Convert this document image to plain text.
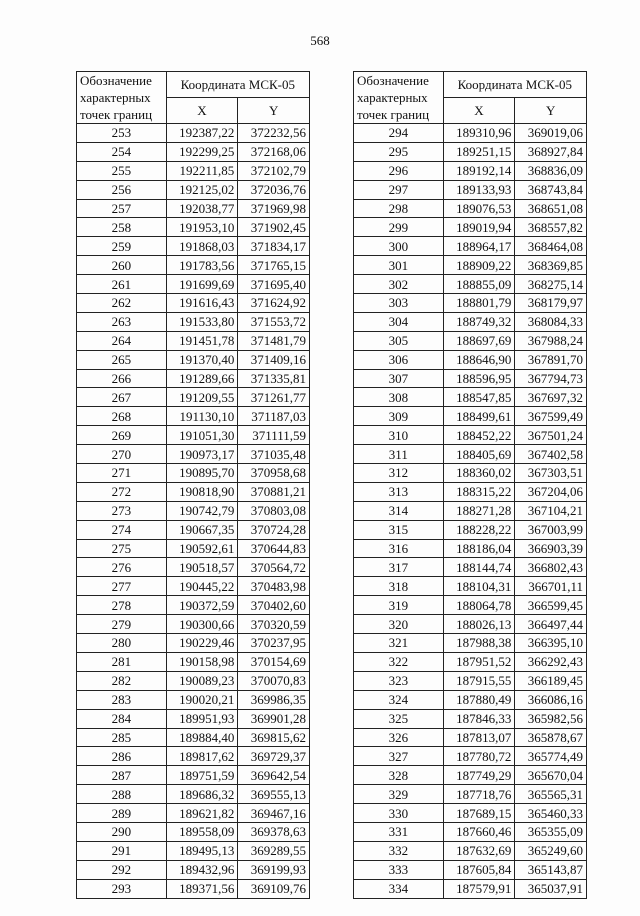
568
Обозначение характерных точек границ	Координата МСК-05	
	X	Y
253	192387,22	372232,56
254	192299,25	372168,06
255	192211,85	372102,79
256	192125,02	372036,76
257	192038,77	371969,98
258	191953,10	371902,45
259	191868,03	371834,17
260	191783,56	371765,15
261	191699,69	371695,40
262	191616,43	371624,92
263	191533,80	371553,72
264	191451,78	371481,79
265	191370,40	371409,16
266	191289,66	371335,81
267	191209,55	371261,77
268	191130,10	371187,03
269	191051,30	371111,59
270	190973,17	371035,48
271	190895,70	370958,68
272	190818,90	370881,21
273	190742,79	370803,08
274	190667,35	370724,28
275	190592,61	370644,83
276	190518,57	370564,72
277	190445,22	370483,98
278	190372,59	370402,60
279	190300,66	370320,59
280	190229,46	370237,95
281	190158,98	370154,69
282	190089,23	370070,83
283	190020,21	369986,35
284	189951,93	369901,28
285	189884,40	369815,62
286	189817,62	369729,37
287	189751,59	369642,54
288	189686,32	369555,13
289	189621,82	369467,16
290	189558,09	369378,63
291	189495,13	369289,55
292	189432,96	369199,93
293	189371,56	369109,76
Обозначение характерных точек границ	Координата МСК-05	
	X	Y
294	189310,96	369019,06
295	189251,15	368927,84
296	189192,14	368836,09
297	189133,93	368743,84
298	189076,53	368651,08
299	189019,94	368557,82
300	188964,17	368464,08
301	188909,22	368369,85
302	188855,09	368275,14
303	188801,79	368179,97
304	188749,32	368084,33
305	188697,69	367988,24
306	188646,90	367891,70
307	188596,95	367794,73
308	188547,85	367697,32
309	188499,61	367599,49
310	188452,22	367501,24
311	188405,69	367402,58
312	188360,02	367303,51
313	188315,22	367204,06
314	188271,28	367104,21
315	188228,22	367003,99
316	188186,04	366903,39
317	188144,74	366802,43
318	188104,31	366701,11
319	188064,78	366599,45
320	188026,13	366497,44
321	187988,38	366395,10
322	187951,52	366292,43
323	187915,55	366189,45
324	187880,49	366086,16
325	187846,33	365982,56
326	187813,07	365878,67
327	187780,72	365774,49
328	187749,29	365670,04
329	187718,76	365565,31
330	187689,15	365460,33
331	187660,46	365355,09
332	187632,69	365249,60
333	187605,84	365143,87
334	187579,91	365037,91
